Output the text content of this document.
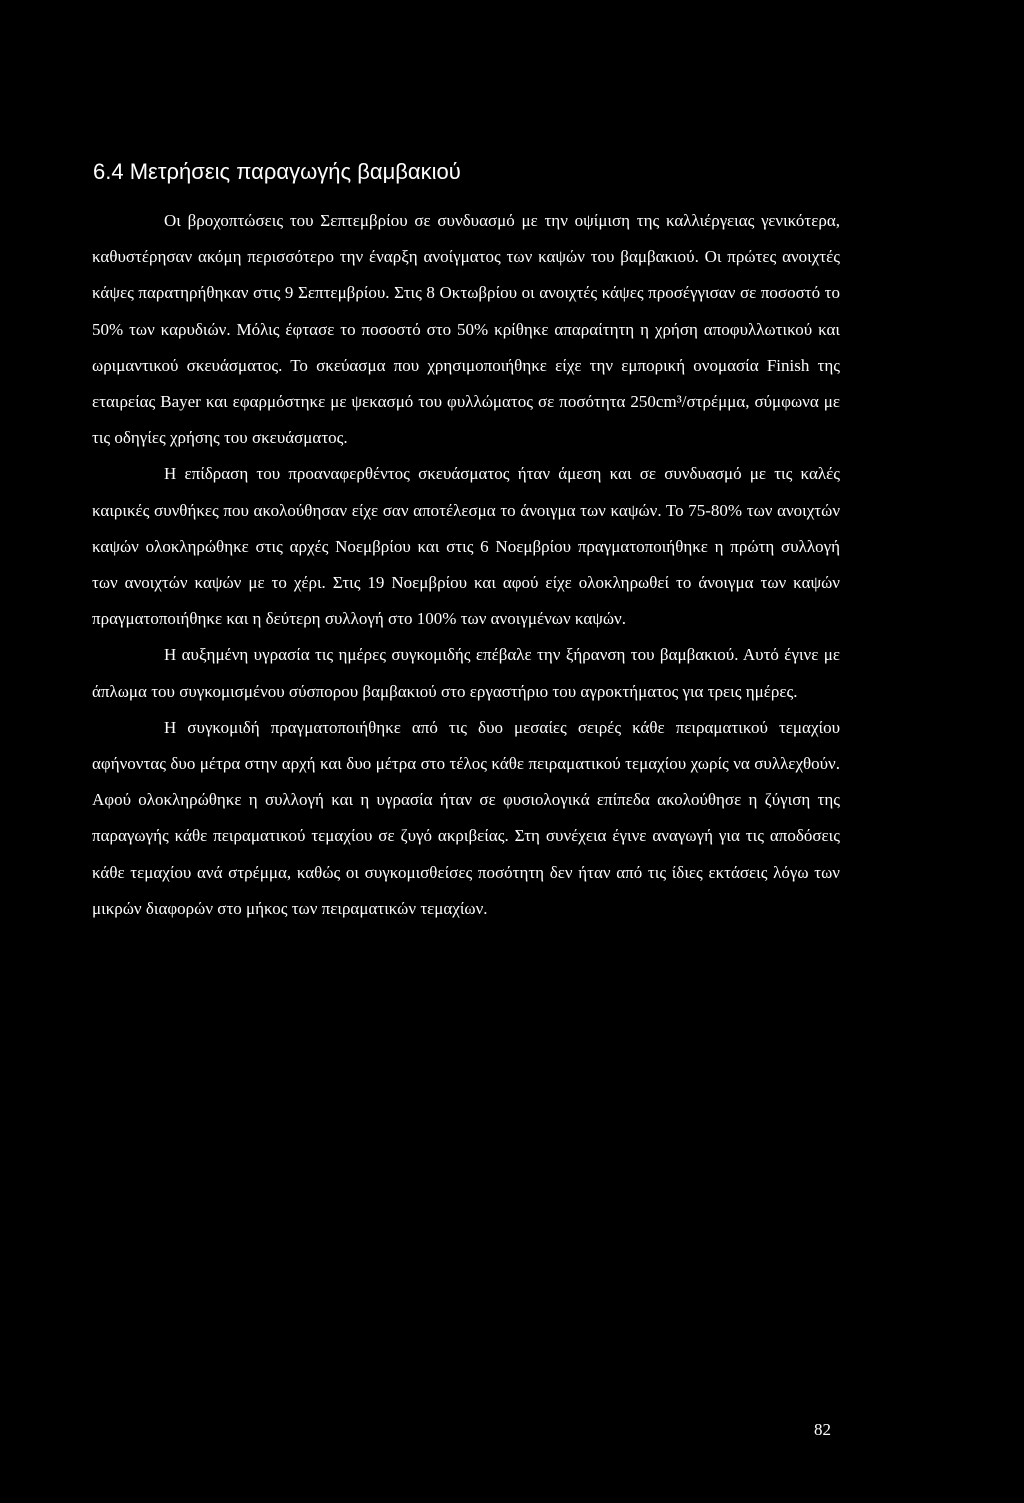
6.4 Μετρήσεις παραγωγής βαμβακιού

Οι βροχοπτώσεις του Σεπτεμβρίου σε συνδυασμό με την οψίμιση της καλλιέργειας γενικότερα, καθυστέρησαν ακόμη περισσότερο την έναρξη ανοίγματος των καψών του βαμβακιού. Οι πρώτες ανοιχτές κάψες παρατηρήθηκαν στις 9 Σεπτεμβρίου. Στις 8 Οκτωβρίου οι ανοιχτές κάψες προσέγγισαν σε ποσοστό το 50% των καρυδιών. Μόλις έφτασε το ποσοστό στο 50% κρίθηκε απαραίτητη η χρήση αποφυλλωτικού και ωριμαντικού σκευάσματος. Το σκεύασμα που χρησιμοποιήθηκε είχε την εμπορική ονομασία Finish της εταιρείας Bayer και εφαρμόστηκε με ψεκασμό του φυλλώματος σε ποσότητα 250cm³/στρέμμα, σύμφωνα με τις οδηγίες χρήσης του σκευάσματος.

Η επίδραση του προαναφερθέντος σκευάσματος ήταν άμεση και σε συνδυασμό με τις καλές καιρικές συνθήκες που ακολούθησαν είχε σαν αποτέλεσμα το άνοιγμα των καψών. Το 75-80% των ανοιχτών καψών ολοκληρώθηκε στις αρχές Νοεμβρίου και στις 6 Νοεμβρίου πραγματοποιήθηκε η πρώτη συλλογή των ανοιχτών καψών με το χέρι. Στις 19 Νοεμβρίου και αφού είχε ολοκληρωθεί το άνοιγμα των καψών πραγματοποιήθηκε και η δεύτερη συλλογή στο 100% των ανοιγμένων καψών.

Η αυξημένη υγρασία τις ημέρες συγκομιδής επέβαλε την ξήρανση του βαμβακιού. Αυτό έγινε με άπλωμα του συγκομισμένου σύσπορου βαμβακιού στο εργαστήριο του αγροκτήματος για τρεις ημέρες.

Η συγκομιδή πραγματοποιήθηκε από τις δυο μεσαίες σειρές κάθε πειραματικού τεμαχίου αφήνοντας δυο μέτρα στην αρχή και δυο μέτρα στο τέλος κάθε πειραματικού τεμαχίου χωρίς να συλλεχθούν. Αφού ολοκληρώθηκε η συλλογή και η υγρασία ήταν σε φυσιολογικά επίπεδα ακολούθησε η ζύγιση της παραγωγής κάθε πειραματικού τεμαχίου σε ζυγό ακριβείας. Στη συνέχεια έγινε αναγωγή για τις αποδόσεις κάθε τεμαχίου ανά στρέμμα, καθώς οι συγκομισθείσες ποσότητη δεν ήταν από τις ίδιες εκτάσεις λόγω των μικρών διαφορών στο μήκος των πειραματικών τεμαχίων.

82
